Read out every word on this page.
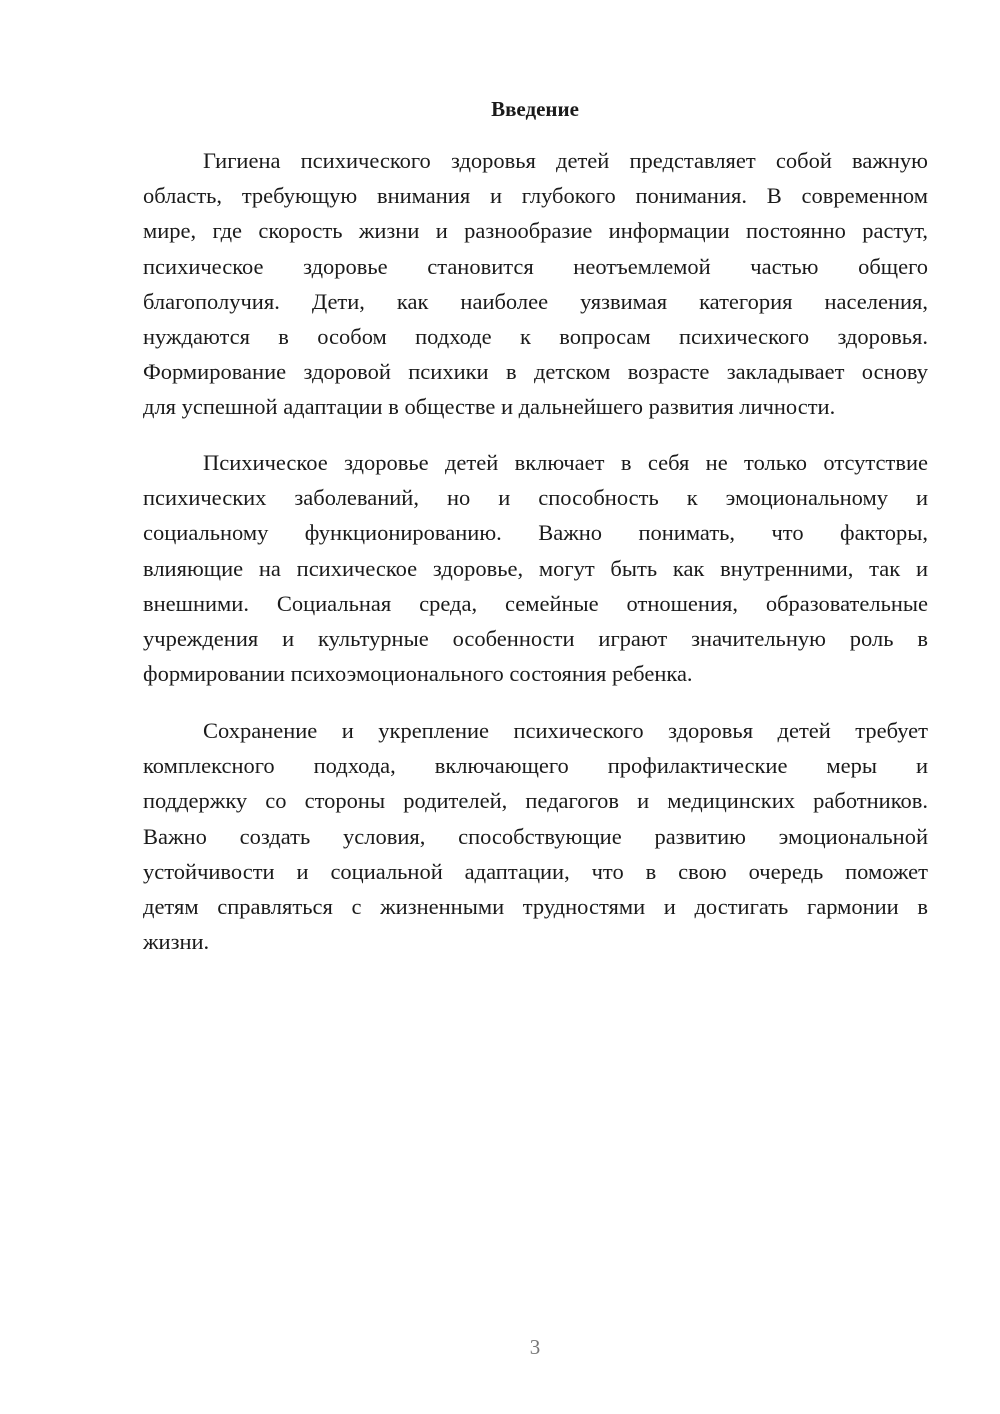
Введение
Гигиена психического здоровья детей представляет собой важную
область, требующую внимания и глубокого понимания. В современном
мире, где скорость жизни и разнообразие информации постоянно растут,
психическое здоровье становится неотъемлемой частью общего
благополучия. Дети, как наиболее уязвимая категория населения,
нуждаются в особом подходе к вопросам психического здоровья.
Формирование здоровой психики в детском возрасте закладывает основу
для успешной адаптации в обществе и дальнейшего развития личности.
Психическое здоровье детей включает в себя не только отсутствие
психических заболеваний, но и способность к эмоциональному и
социальному функционированию. Важно понимать, что факторы,
влияющие на психическое здоровье, могут быть как внутренними, так и
внешними. Социальная среда, семейные отношения, образовательные
учреждения и культурные особенности играют значительную роль в
формировании психоэмоционального состояния ребенка.
Сохранение и укрепление психического здоровья детей требует
комплексного подхода, включающего профилактические меры и
поддержку со стороны родителей, педагогов и медицинских работников.
Важно создать условия, способствующие развитию эмоциональной
устойчивости и социальной адаптации, что в свою очередь поможет
детям справляться с жизненными трудностями и достигать гармонии в
жизни.
3
